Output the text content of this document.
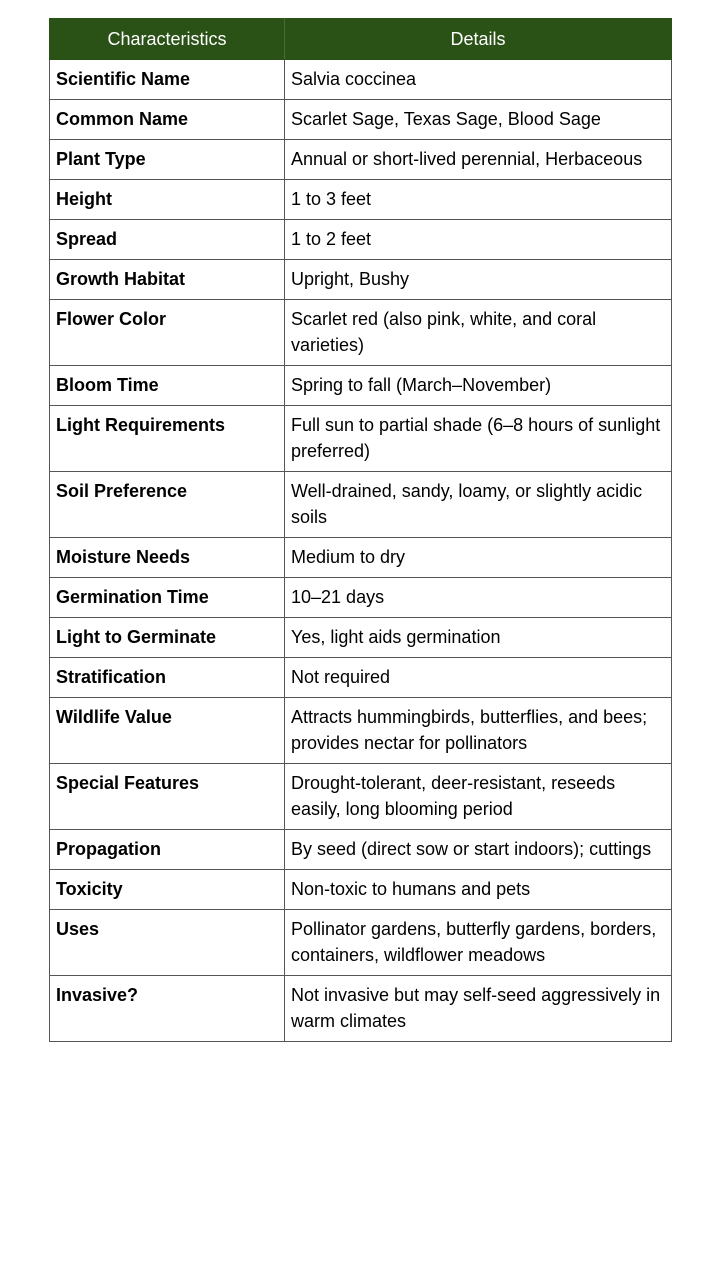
Characteristics	Details
Scientific Name	Salvia coccinea
Common Name	Scarlet Sage, Texas Sage, Blood Sage
Plant Type	Annual or short-lived perennial, Herbaceous
Height	1 to 3 feet
Spread	1 to 2 feet
Growth Habitat	Upright, Bushy
Flower Color	Scarlet red (also pink, white, and coral varieties)
Bloom Time	Spring to fall (March–November)
Light Requirements	Full sun to partial shade (6–8 hours of sunlight preferred)
Soil Preference	Well-drained, sandy, loamy, or slightly acidic soils
Moisture Needs	Medium to dry
Germination Time	10–21 days
Light to Germinate	Yes, light aids germination
Stratification	Not required
Wildlife Value	Attracts hummingbirds, butterflies, and bees; provides nectar for pollinators
Special Features	Drought-tolerant, deer-resistant, reseeds easily, long blooming period
Propagation	By seed (direct sow or start indoors); cuttings
Toxicity	Non-toxic to humans and pets
Uses	Pollinator gardens, butterfly gardens, borders, containers, wildflower meadows
Invasive?	Not invasive but may self-seed aggressively in warm climates
